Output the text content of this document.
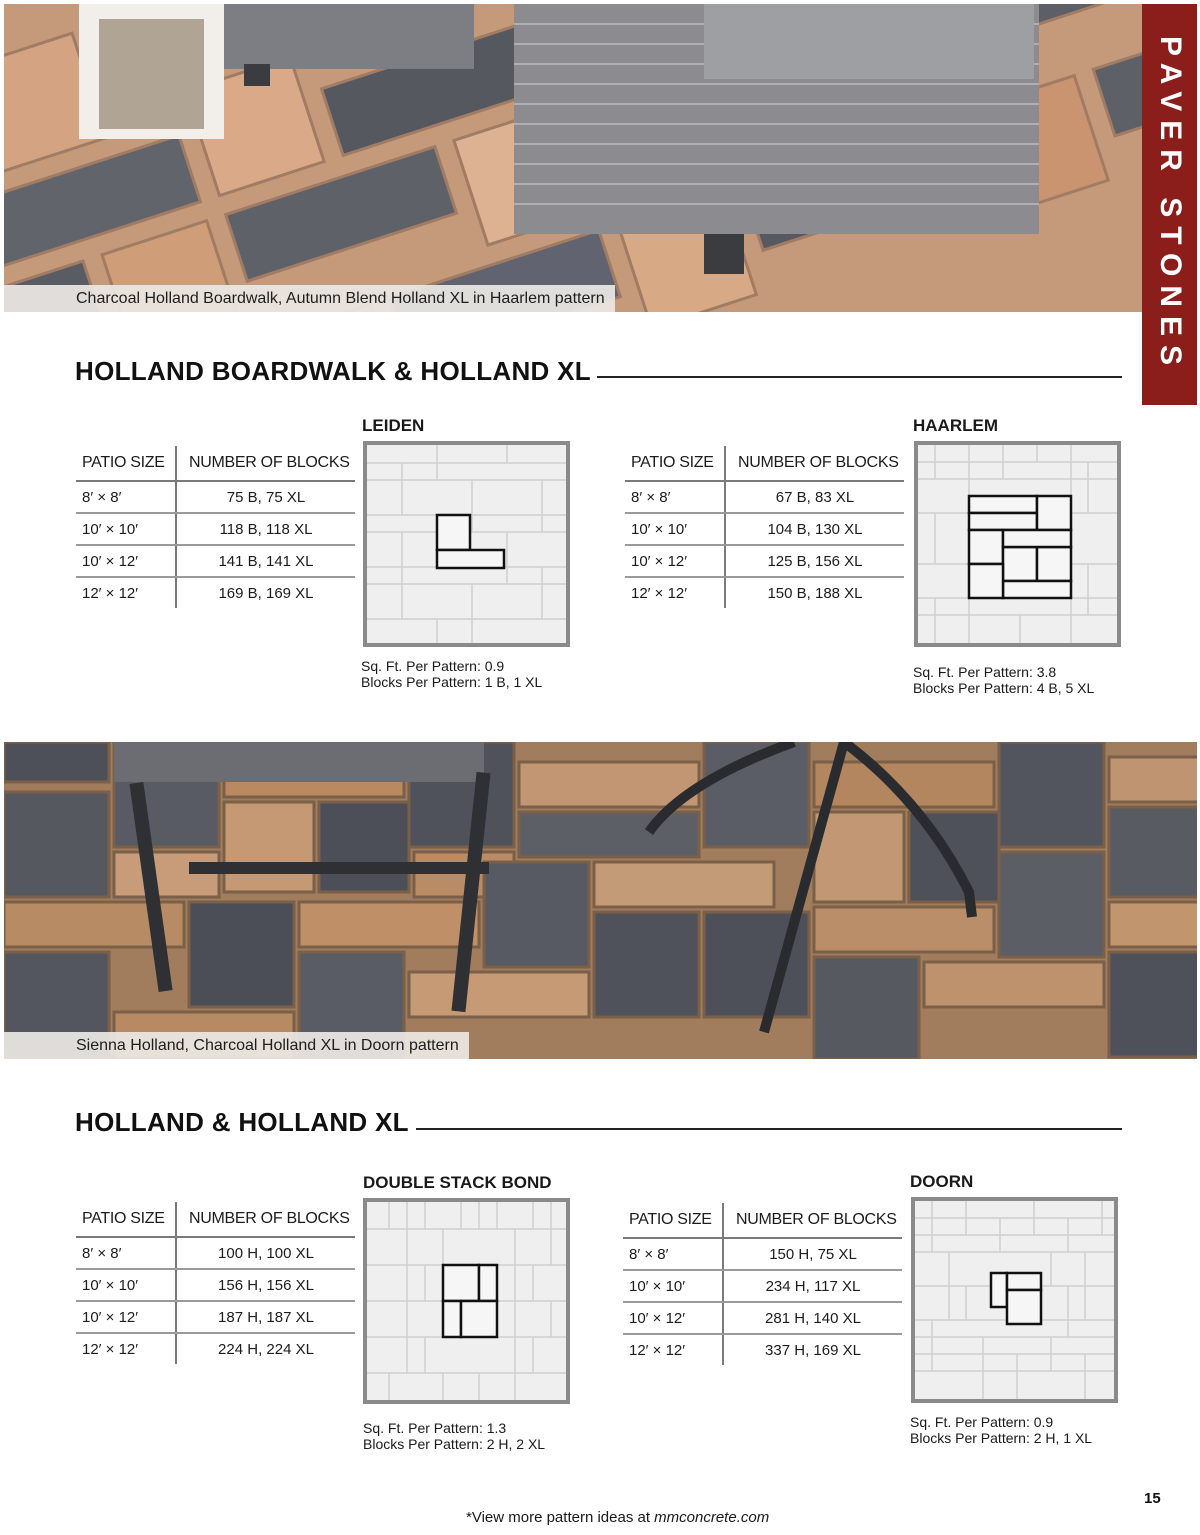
Charcoal Holland Boardwalk, Autumn Blend Holland XL in Haarlem pattern	PAVER STONES
HOLLAND BOARDWALK & HOLLAND XL
PATIO SIZE	NUMBER OF BLOCKS
8′ × 8′	75 B, 75 XL
10′ × 10′	118 B, 118 XL
10′ × 12′	141 B, 141 XL
12′ × 12′	169 B, 169 XL
LEIDEN
Sq. Ft. Per Pattern: 0.9
Blocks Per Pattern: 1 B, 1 XL
PATIO SIZE	NUMBER OF BLOCKS
8′ × 8′	67 B, 83 XL
10′ × 10′	104 B, 130 XL
10′ × 12′	125 B, 156 XL
12′ × 12′	150 B, 188 XL
HAARLEM
Sq. Ft. Per Pattern: 3.8
Blocks Per Pattern: 4 B, 5 XL
Sienna Holland, Charcoal Holland XL in Doorn pattern
HOLLAND & HOLLAND XL
PATIO SIZE	NUMBER OF BLOCKS
8′ × 8′	100 H, 100 XL
10′ × 10′	156 H, 156 XL
10′ × 12′	187 H, 187 XL
12′ × 12′	224 H, 224 XL
DOUBLE STACK BOND
Sq. Ft. Per Pattern: 1.3
Blocks Per Pattern: 2 H, 2 XL
PATIO SIZE	NUMBER OF BLOCKS
8′ × 8′	150 H, 75 XL
10′ × 10′	234 H, 117 XL
10′ × 12′	281 H, 140 XL
12′ × 12′	337 H, 169 XL
DOORN
Sq. Ft. Per Pattern: 0.9
Blocks Per Pattern: 2 H, 1 XL
*View more pattern ideas at mmconcrete.com
15
